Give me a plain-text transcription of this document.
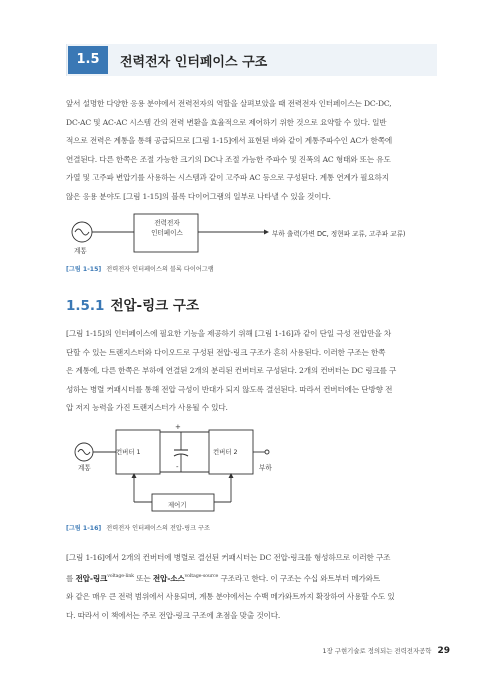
1.5	전력전자 인터페이스 구조

앞서 설명한 다양한 응용 분야에서 전력전자의 역할을 살펴보았을 때 전력전자 인터페이스는 DC-DC,

DC-AC 및 AC-AC 시스템 간의 전력 변환을 효율적으로 제어하기 위한 것으로 요약할 수 있다. 일반

적으로 전력은 계통을 통해 공급되므로 [그림 1-15]에서 표현된 바와 같이 계통주파수인 AC가 한쪽에

연결된다. 다른 한쪽은 조절 가능한 크기의 DC나 조절 가능한 주파수 및 진폭의 AC 형태와 또는 유도

가열 및 고주파 변압기를 사용하는 시스템과 같이 고주파 AC 등으로 구성된다. 계통 연계가 필요하지

않은 응용 분야도 [그림 1-15]의 블록 다이어그램의 일부로 나타낼 수 있을 것이다.

전력전자
인터페이스
계통
부하 출력(가변 DC, 정현파 교류, 고주파 교류)
[그림 1-15] 전력전자 인터페이스의 블록 다이어그램
1.5.1 전압-링크 구조

[그림 1-15]의 인터페이스에 필요한 기능을 제공하기 위해 [그림 1-16]과 같이 단일 극성 전압만을 차

단할 수 있는 트랜지스터와 다이오드로 구성된 전압-링크 구조가 흔히 사용된다. 이러한 구조는 한쪽

은 계통에, 다른 한쪽은 부하에 연결된 2개의 분리된 컨버터로 구성된다. 2개의 컨버터는 DC 링크를 구

성하는 병렬 커패시터를 통해 전압 극성이 반대가 되지 않도록 결선된다. 따라서 컨버터에는 단방향 전

압 저지 능력을 가진 트랜지스터가 사용될 수 있다.

컨버터 1	컨버터 2
제어기
계통	부하
+
-
[그림 1-16] 전력전자 인터페이스의 전압-링크 구조

[그림 1-16]에서 2개의 컨버터에 병렬로 결선된 커패시터는 DC 전압-링크를 형성하므로 이러한 구조

를 전압-링크$^{voltage-link}$ 또는 전압-소스$^{voltage-source}$ 구조라고 한다. 이 구조는 수십 와트부터 메가와트

와 같은 매우 큰 전력 범위에서 사용되며, 계통 분야에서는 수백 메가와트까지 확장하여 사용할 수도 있

다. 따라서 이 책에서는 주로 전압-링크 구조에 초점을 맞출 것이다.

1장 구현기술로 정의되는 전력전자공학 29
